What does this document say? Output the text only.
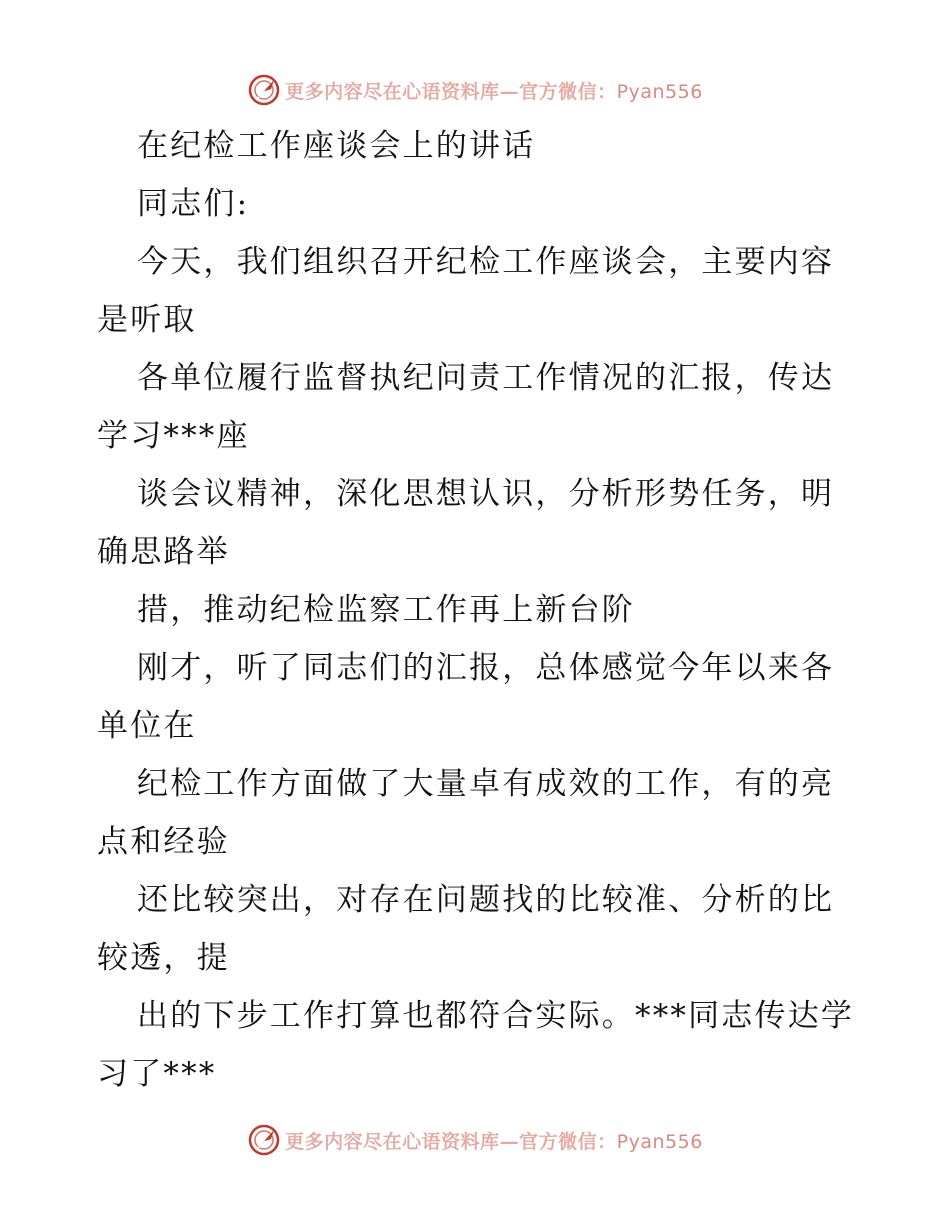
更多内容尽在心语资料库—官方微信：Pyan556

在纪检工作座谈会上的讲话

同志们:

今天，我们组织召开纪检工作座谈会，主要内容是听取

各单位履行监督执纪问责工作情况的汇报，传达学习***座

谈会议精神，深化思想认识，分析形势任务，明确思路举

措，推动纪检监察工作再上新台阶

刚才，听了同志们的汇报，总体感觉今年以来各单位在

纪检工作方面做了大量卓有成效的工作，有的亮点和经验

还比较突出，对存在问题找的比较准、分析的比较透，提

出的下步工作打算也都符合实际。***同志传达学习了***

更多内容尽在心语资料库—官方微信：Pyan556
